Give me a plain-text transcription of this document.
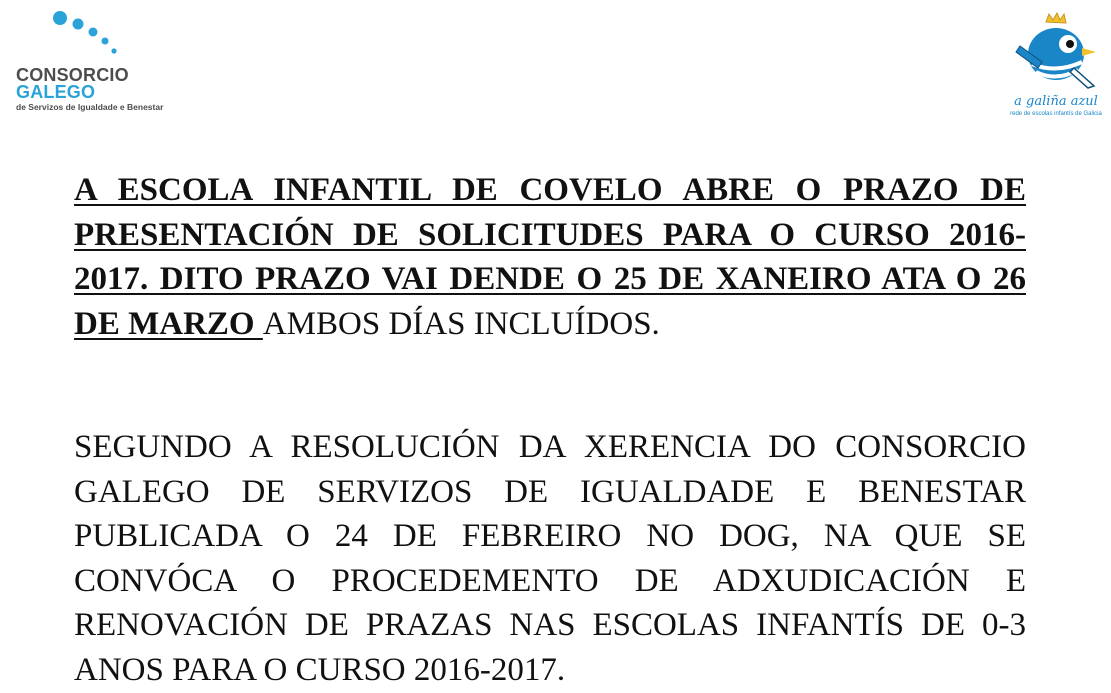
CONSORCIO
GALEGO
de Servizos de Igualdade e Benestar	a galiña azul
rede de escolas infantís de Galicia
A ESCOLA INFANTIL DE COVELO ABRE O PRAZO DE
PRESENTACIÓN DE SOLICITUDES PARA O CURSO 2016-
2017. DITO PRAZO VAI DENDE O 25 DE XANEIRO ATA O 26
DE MARZO AMBOS DÍAS INCLUÍDOS.
SEGUNDO A RESOLUCIÓN DA XERENCIA DO CONSORCIO
GALEGO DE SERVIZOS DE IGUALDADE E BENESTAR
PUBLICADA O 24 DE FEBREIRO NO DOG, NA QUE SE
CONVÓCA O PROCEDEMENTO DE ADXUDICACIÓN E
RENOVACIÓN DE PRAZAS NAS ESCOLAS INFANTÍS DE 0-3
ANOS PARA O CURSO 2016-2017.
